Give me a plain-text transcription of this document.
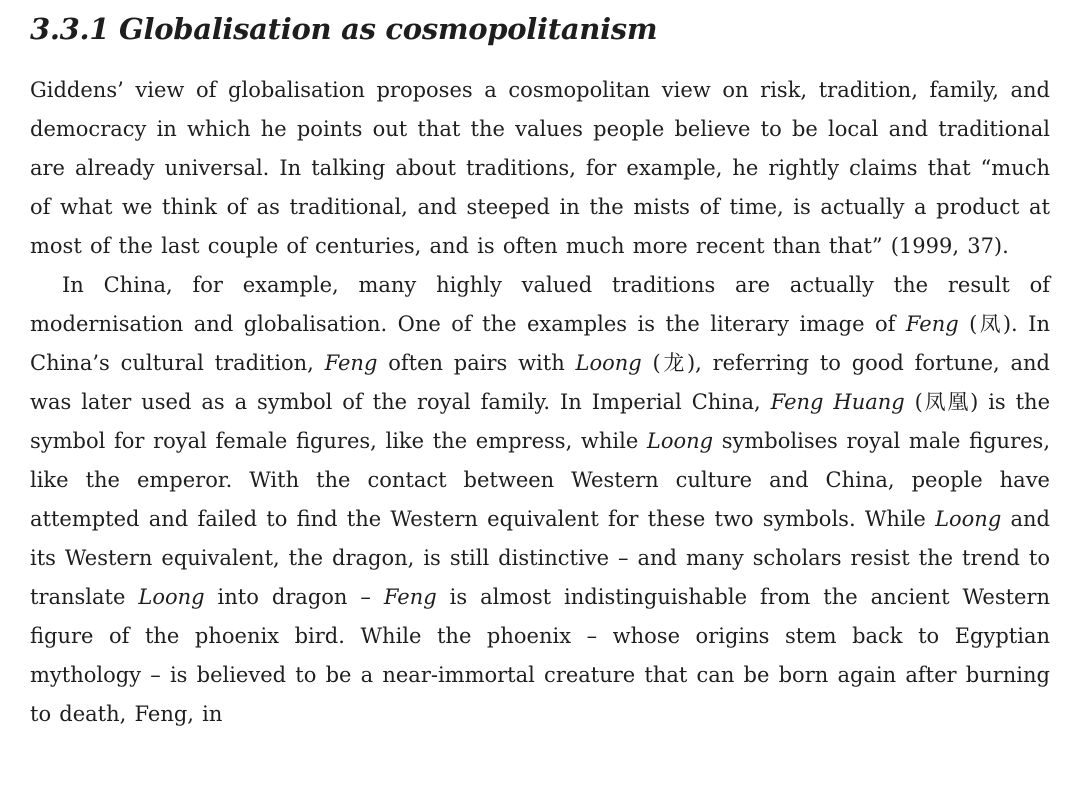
3.3.1 Globalisation as cosmopolitanism

Giddens’ view of globalisation proposes a cosmopolitan view on risk, tradition, family, and democracy in which he points out that the values people believe to be local and traditional are already universal. In talking about traditions, for example, he rightly claims that “much of what we think of as traditional, and steeped in the mists of time, is actually a product at most of the last couple of centuries, and is often much more recent than that” (1999, 37).

In China, for example, many highly valued traditions are actually the result of modernisation and globalisation. One of the examples is the literary image of Feng (凤). In China’s cultural tradition, Feng often pairs with Loong (龙), referring to good fortune, and was later used as a symbol of the royal family. In Imperial China, Feng Huang (凤凰) is the symbol for royal female figures, like the empress, while Loong symbolises royal male figures, like the emperor. With the contact between Western culture and China, people have attempted and failed to find the Western equivalent for these two symbols. While Loong and its Western equivalent, the dragon, is still distinctive – and many scholars resist the trend to translate Loong into dragon – Feng is almost indistinguishable from the ancient Western figure of the phoenix bird. While the phoenix – whose origins stem back to Egyptian mythology – is believed to be a near-immortal creature that can be born again after burning to death, Feng, in
